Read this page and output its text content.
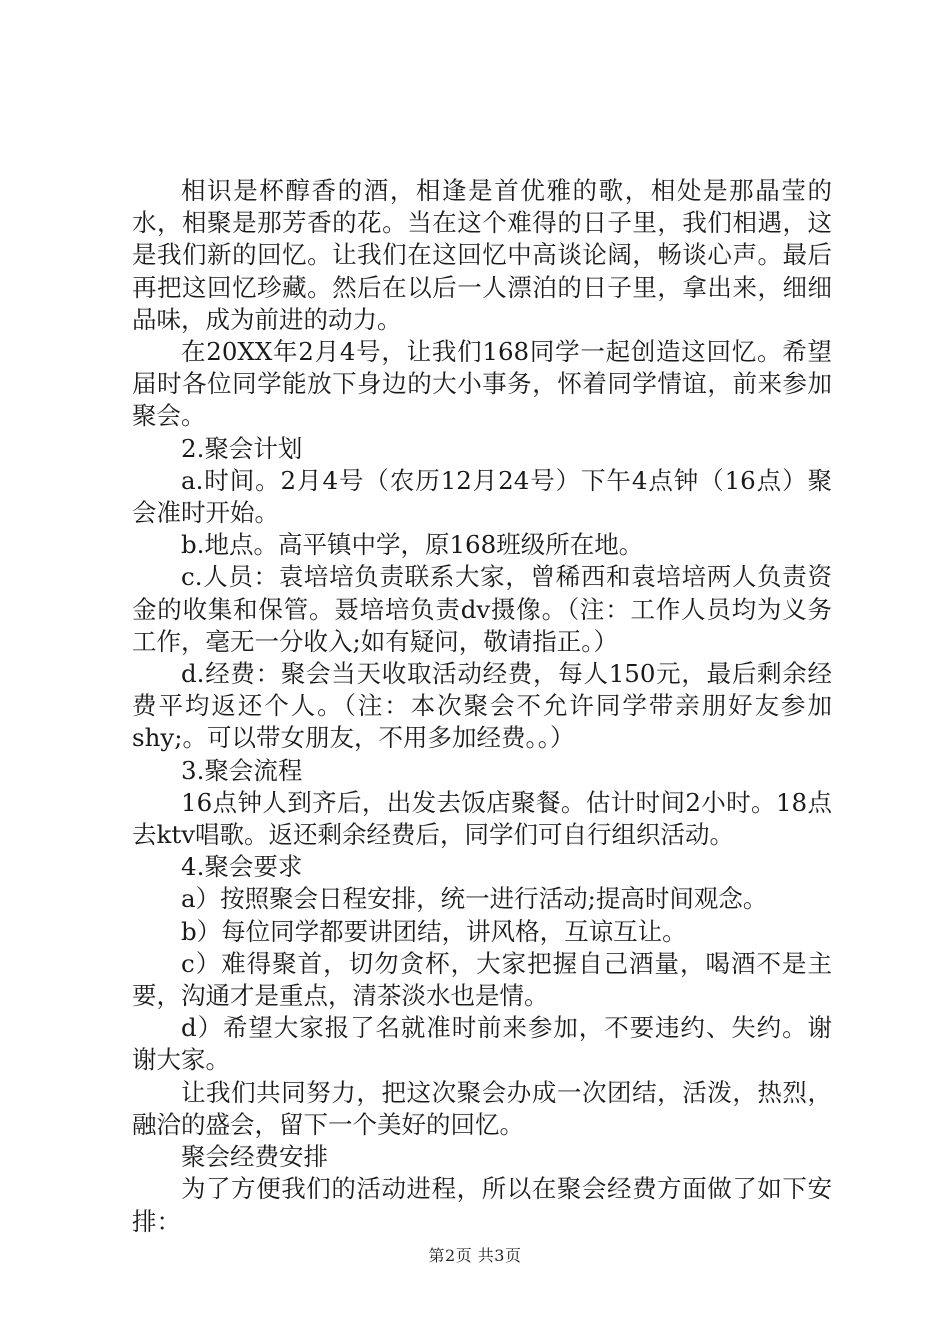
相识是杯醇香的酒，相逢是首优雅的歌，相处是那晶莹的水，相聚是那芳香的花。当在这个难得的日子里，我们相遇，这是我们新的回忆。让我们在这回忆中高谈论阔，畅谈心声。最后再把这回忆珍藏。然后在以后一人漂泊的日子里，拿出来，细细品味，成为前进的动力。

在20XX年2月4号，让我们168同学一起创造这回忆。希望届时各位同学能放下身边的大小事务，怀着同学情谊，前来参加聚会。

2.聚会计划

a.时间。2月4号（农历12月24号）下午4点钟（16点）聚会准时开始。

b.地点。高平镇中学，原168班级所在地。

c.人员：袁培培负责联系大家，曾稀西和袁培培两人负责资金的收集和保管。聂培培负责dv摄像。（注：工作人员均为义务工作，毫无一分收入;如有疑问，敬请指正。）

d.经费：聚会当天收取活动经费，每人150元，最后剩余经费平均返还个人。（注：本次聚会不允许同学带亲朋好友参加shy;。可以带女朋友，不用多加经费。。）

3.聚会流程

16点钟人到齐后，出发去饭店聚餐。估计时间2小时。18点去ktv唱歌。返还剩余经费后，同学们可自行组织活动。

4.聚会要求

a）按照聚会日程安排，统一进行活动;提高时间观念。

b）每位同学都要讲团结，讲风格，互谅互让。

c）难得聚首，切勿贪杯，大家把握自己酒量，喝酒不是主要，沟通才是重点，清茶淡水也是情。

d）希望大家报了名就准时前来参加，不要违约、失约。谢谢大家。

让我们共同努力，把这次聚会办成一次团结，活泼，热烈，融洽的盛会，留下一个美好的回忆。

聚会经费安排

为了方便我们的活动进程，所以在聚会经费方面做了如下安排：

第2页 共3页
